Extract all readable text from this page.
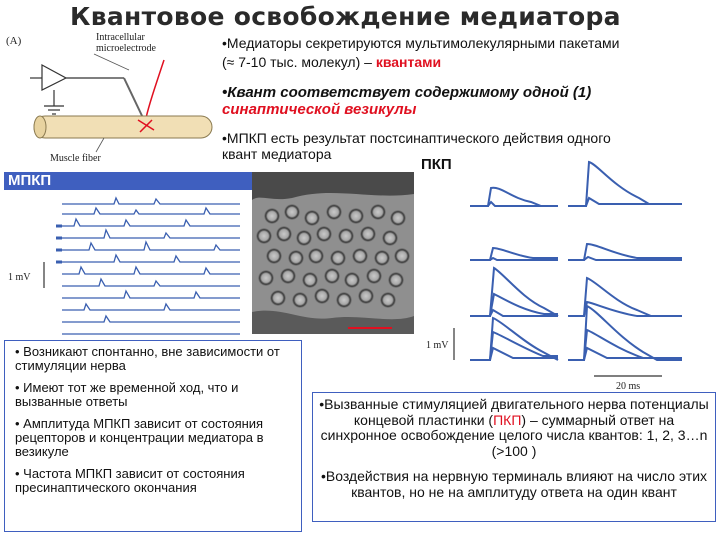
Квантовое освобождение медиатора
(A)	Intracellular
microelectrode
Muscle fiber
•Медиаторы секретируются мультимолекулярными пакетами
(≈ 7-10 тыс. молекул) – квантами
•Квант соответствует содержимому одной (1)
синаптической везикулы
•МПКП есть результат постсинаптического действия одного
квант медиатора
МПКП
1 mV
ПКП
1 mV
20 ms

• Возникают спонтанно, вне зависимости от стимуляции нерва

• Имеют тот же временной ход, что и вызванные ответы

• Амплитуда МПКП зависит от состояния рецепторов и концентрации медиатора в везикуле

• Частота МПКП зависит от состояния пресинаптического окончания

•Вызванные стимуляцией двигательного нерва потенциалы концевой пластинки (ПКП) – суммарный ответ на синхронное освобождение целого числа квантов: 1, 2, 3…n (>100 )

•Воздействия на нервную терминаль влияют на число этих квантов, но не на амплитуду ответа на один квант
